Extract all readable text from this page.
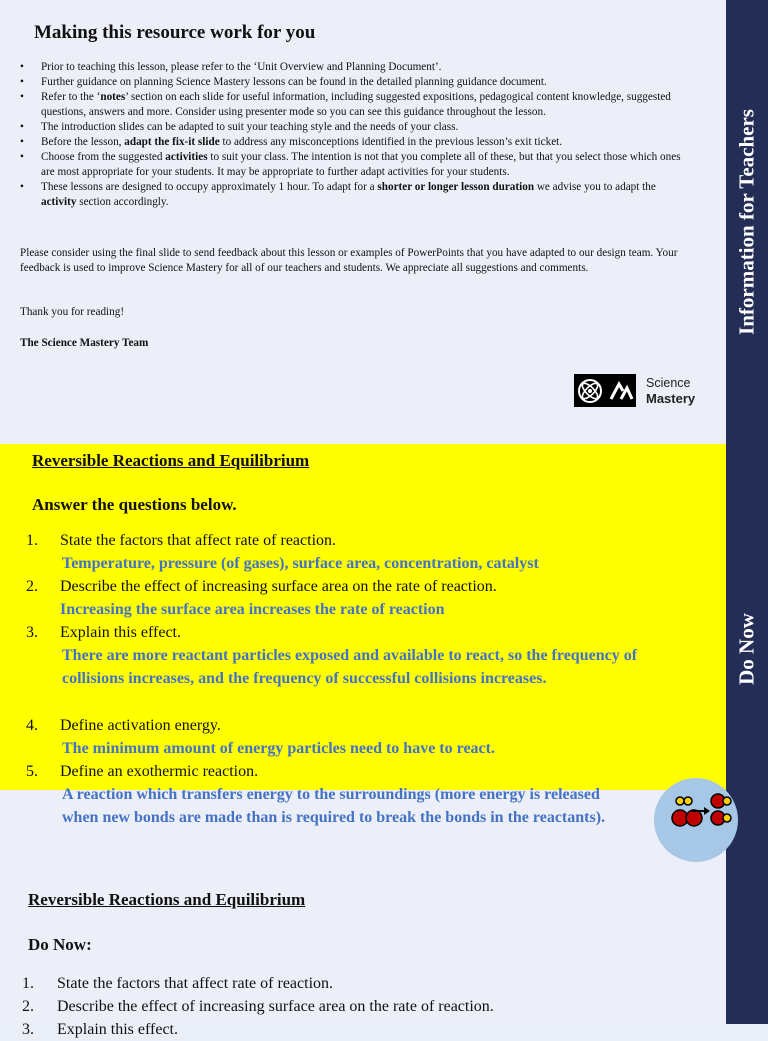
Making this resource work for you
• Prior to teaching this lesson, please refer to the ‘Unit Overview and Planning Document’.
• Further guidance on planning Science Mastery lessons can be found in the detailed planning guidance document.
• Refer to the ‘notes’ section on each slide for useful information, including suggested expositions, pedagogical content knowledge, suggested questions, answers and more. Consider using presenter mode so you can see this guidance throughout the lesson.
• The introduction slides can be adapted to suit your teaching style and the needs of your class.
• Before the lesson, adapt the fix-it slide to address any misconceptions identified in the previous lesson’s exit ticket.
• Choose from the suggested activities to suit your class. The intention is not that you complete all of these, but that you select those which ones are most appropriate for your students. It may be appropriate to further adapt activities for your students.
• These lessons are designed to occupy approximately 1 hour. To adapt for a shorter or longer lesson duration we advise you to adapt the activity section accordingly.

Please consider using the final slide to send feedback about this lesson or examples of PowerPoints that you have adapted to our design team. Your feedback is used to improve Science Mastery for all of our teachers and students. We appreciate all suggestions and comments.

Thank you for reading!

The Science Mastery Team

Science
Mastery
Information for Teachers
Reversible Reactions and Equilibrium
Answer the questions below.
1. State the factors that affect rate of reaction.
Temperature, pressure (of gases), surface area, concentration, catalyst
2. Describe the effect of increasing surface area on the rate of reaction.
Increasing the surface area increases the rate of reaction
3. Explain this effect.
There are more reactant particles exposed and available to react, so the frequency of collisions increases, and the frequency of successful collisions increases.
4. Define activation energy.
The minimum amount of energy particles need to have to react.
5. Define an exothermic reaction.
A reaction which transfers energy to the surroundings (more energy is released when new bonds are made than is required to break the bonds in the reactants).
Do Now
Reversible Reactions and Equilibrium
Do Now:
1. State the factors that affect rate of reaction.
2. Describe the effect of increasing surface area on the rate of reaction.
3. Explain this effect.
